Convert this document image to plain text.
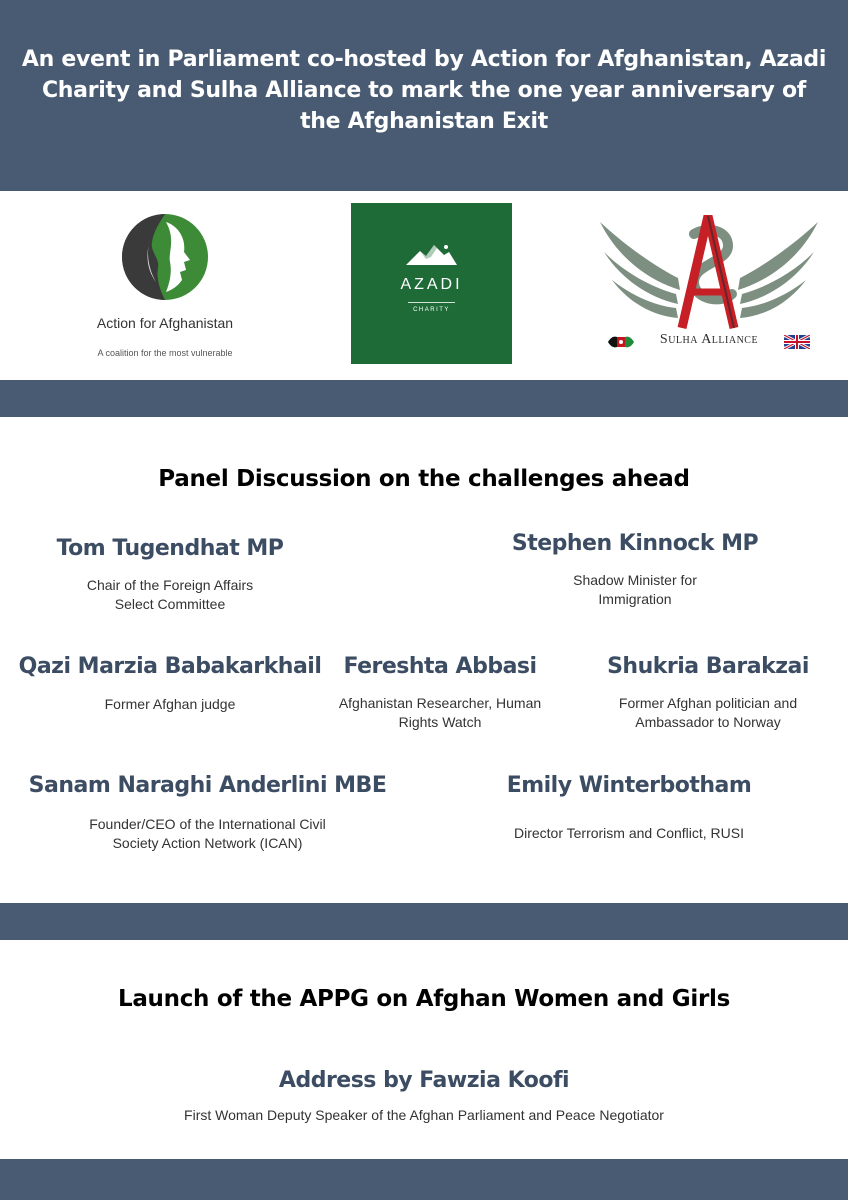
An event in Parliament co-hosted by Action for Afghanistan, Azadi Charity and Sulha Alliance to mark the one year anniversary of the Afghanistan Exit
Action for Afghanistan
A coalition for the most vulnerable
AZADI
CHARITY
Sulha Alliance
Panel Discussion on the challenges ahead

Tom Tugendhat MP

Chair of the Foreign Affairs
Select Committee

Stephen Kinnock MP

Shadow Minister for
Immigration

Qazi Marzia Babakarkhail

Former Afghan judge

Fereshta Abbasi

Afghanistan Researcher, Human
Rights Watch

Shukria Barakzai

Former Afghan politician and
Ambassador to Norway

Sanam Naraghi Anderlini MBE

Founder/CEO of the International Civil
Society Action Network (ICAN)

Emily Winterbotham

Director Terrorism and Conflict, RUSI

Launch of the APPG on Afghan Women and Girls

Address by Fawzia Koofi

First Woman Deputy Speaker of the Afghan Parliament and Peace Negotiator
